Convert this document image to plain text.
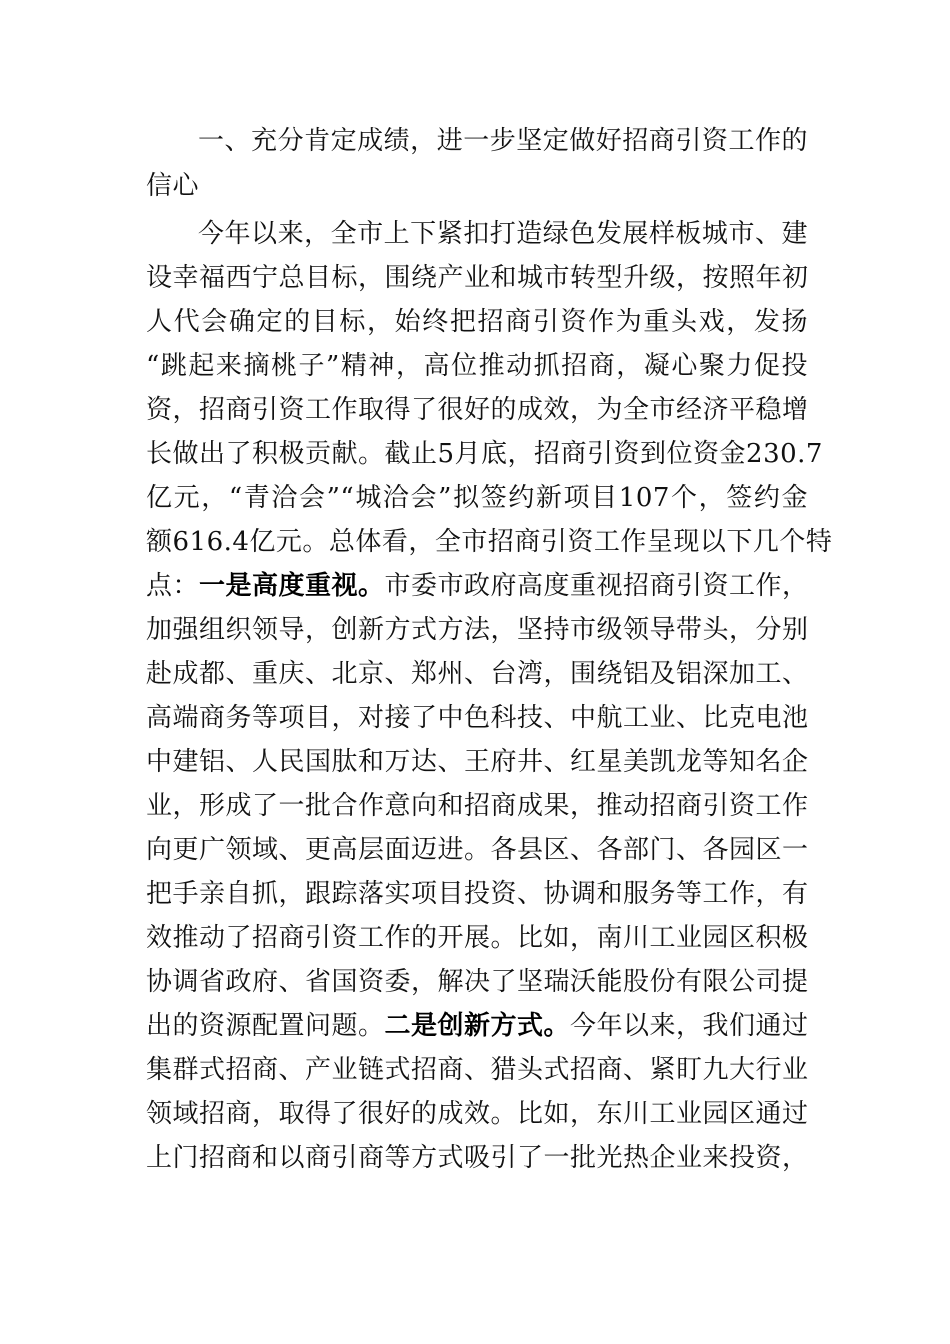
一、充分肯定成绩，进一步坚定做好招商引资工作的
信心
今年以来，全市上下紧扣打造绿色发展样板城市、建
设幸福西宁总目标，围绕产业和城市转型升级，按照年初
人代会确定的目标，始终把招商引资作为重头戏，发扬
“跳起来摘桃子”精神，高位推动抓招商，凝心聚力促投
资，招商引资工作取得了很好的成效，为全市经济平稳增
长做出了积极贡献。截止5月底，招商引资到位资金230.7
亿元，“青洽会”“城洽会”拟签约新项目107个，签约金
额616.4亿元。总体看，全市招商引资工作呈现以下几个特
点：一是高度重视。市委市政府高度重视招商引资工作，
加强组织领导，创新方式方法，坚持市级领导带头，分别
赴成都、重庆、北京、郑州、台湾，围绕铝及铝深加工、
高端商务等项目，对接了中色科技、中航工业、比克电池
中建铝、人民国肽和万达、王府井、红星美凯龙等知名企
业，形成了一批合作意向和招商成果，推动招商引资工作
向更广领域、更高层面迈进。各县区、各部门、各园区一
把手亲自抓，跟踪落实项目投资、协调和服务等工作，有
效推动了招商引资工作的开展。比如，南川工业园区积极
协调省政府、省国资委，解决了坚瑞沃能股份有限公司提
出的资源配置问题。二是创新方式。今年以来，我们通过
集群式招商、产业链式招商、猎头式招商、紧盯九大行业
领域招商，取得了很好的成效。比如，东川工业园区通过
上门招商和以商引商等方式吸引了一批光热企业来投资，
